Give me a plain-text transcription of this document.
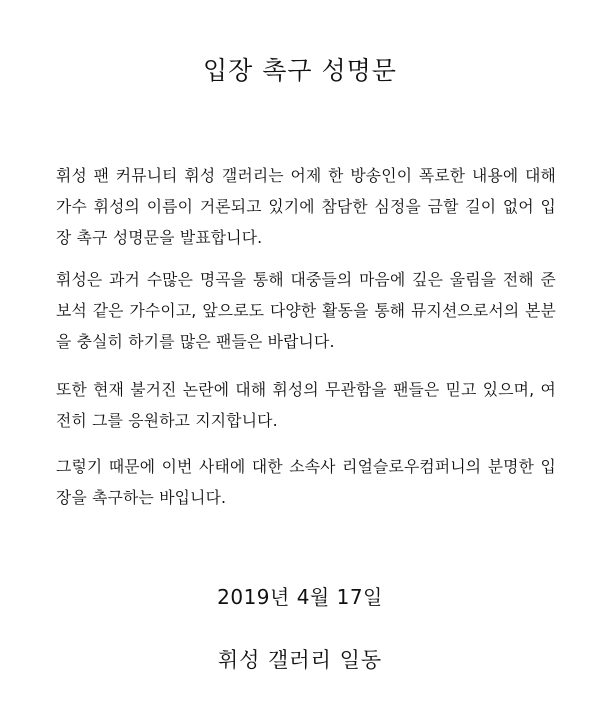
입장 촉구 성명문
휘성 팬 커뮤니티 휘성 갤러리는 어제 한 방송인이 폭로한 내용에 대해 가수 휘성의 이름이 거론되고 있기에 참담한 심정을 금할 길이 없어 입장 촉구 성명문을 발표합니다.
휘성은 과거 수많은 명곡을 통해 대중들의 마음에 깊은 울림을 전해 준 보석 같은 가수이고, 앞으로도 다양한 활동을 통해 뮤지션으로서의 본분을 충실히 하기를 많은 팬들은 바랍니다.
또한 현재 불거진 논란에 대해 휘성의 무관함을 팬들은 믿고 있으며, 여전히 그를 응원하고 지지합니다.
그렇기 때문에 이번 사태에 대한 소속사 리얼슬로우컴퍼니의 분명한 입장을 촉구하는 바입니다.
2019년 4월 17일
휘성 갤러리 일동
